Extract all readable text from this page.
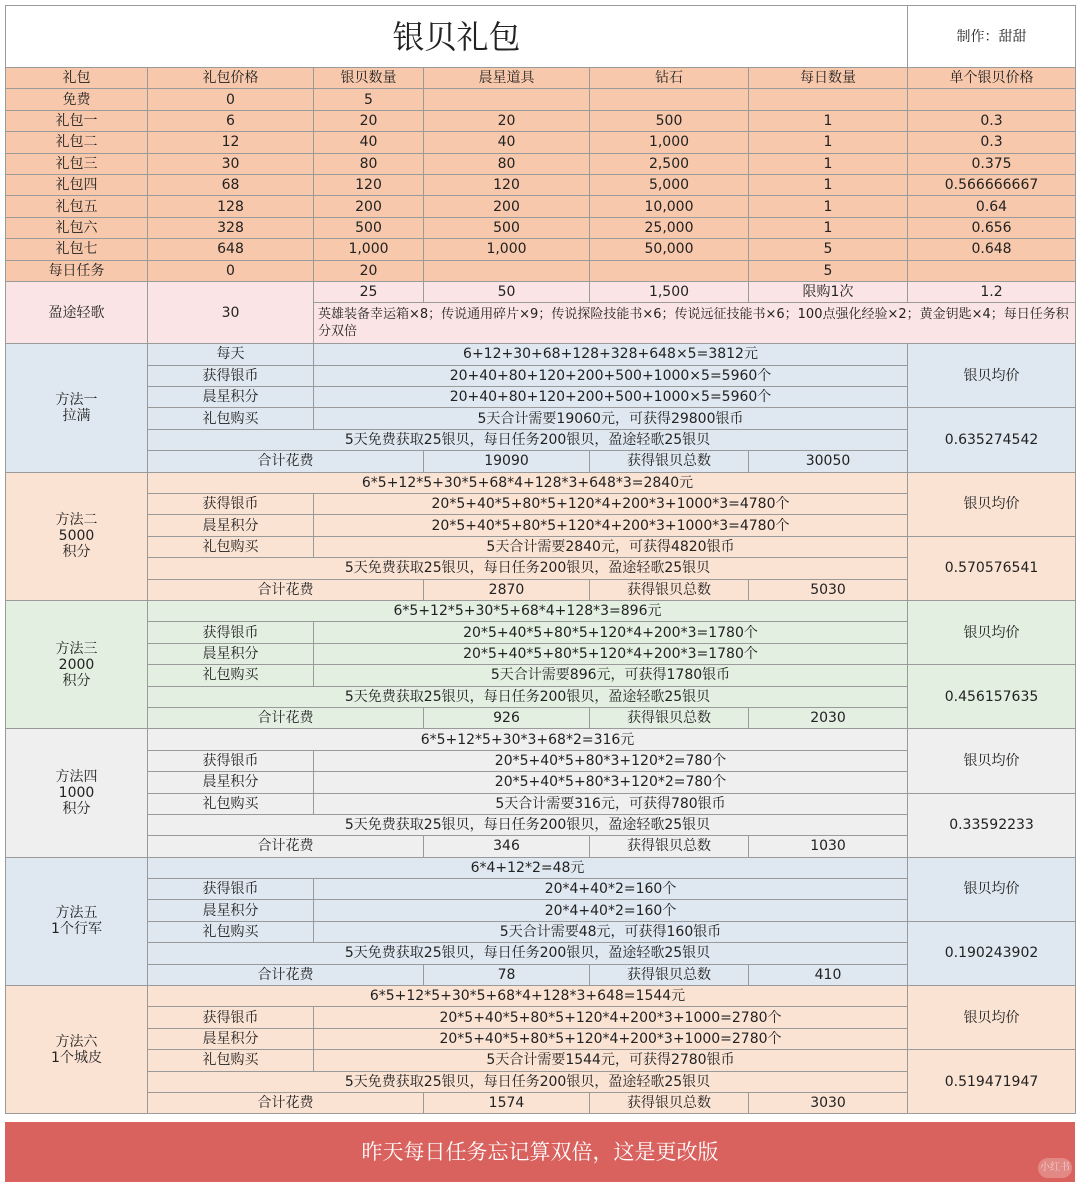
银贝礼包						制作：甜甜
礼包	礼包价格	银贝数量	晨星道具	钻石	每日数量	单个银贝价格
免费	0	5				
礼包一	6	20	20	500	1	0.3
礼包二	12	40	40	1,000	1	0.3
礼包三	30	80	80	2,500	1	0.375
礼包四	68	120	120	5,000	1	0.566666667
礼包五	128	200	200	10,000	1	0.64
礼包六	328	500	500	25,000	1	0.656
礼包七	648	1,000	1,000	50,000	5	0.648
每日任务	0	20			5	
盈途轻歌	30	25	50	1,500	限购1次	1.2
		英雄装备幸运箱×8；传说通用碎片×9；传说探险技能书×6；传说远征技能书×6；100点强化经验×2；黄金钥匙×4；每日任务积分双倍				
方法一
拉满	每天	6+12+30+68+128+328+648×5=3812元				银贝均价
	获得银币	20+40+80+120+200+500+1000×5=5960个				
	晨星积分	20+40+80+120+200+500+1000×5=5960个				
	礼包购买	5天合计需要19060元，可获得29800银币				0.635274542
	5天免费获取25银贝，每日任务200银贝，盈途轻歌25银贝					
	合计花费		19090	获得银贝总数	30050	
方法二
5000
积分	6*5+12*5+30*5+68*4+128*3+648*3=2840元					银贝均价
	获得银币	20*5+40*5+80*5+120*4+200*3+1000*3=4780个				
	晨星积分	20*5+40*5+80*5+120*4+200*3+1000*3=4780个				
	礼包购买	5天合计需要2840元，可获得4820银币				0.570576541
	5天免费获取25银贝，每日任务200银贝，盈途轻歌25银贝					
	合计花费		2870	获得银贝总数	5030	
方法三
2000
积分	6*5+12*5+30*5+68*4+128*3=896元					银贝均价
	获得银币	20*5+40*5+80*5+120*4+200*3=1780个				
	晨星积分	20*5+40*5+80*5+120*4+200*3=1780个				
	礼包购买	5天合计需要896元，可获得1780银币				0.456157635
	5天免费获取25银贝，每日任务200银贝，盈途轻歌25银贝					
	合计花费		926	获得银贝总数	2030	
方法四
1000
积分	6*5+12*5+30*3+68*2=316元					银贝均价
	获得银币	20*5+40*5+80*3+120*2=780个				
	晨星积分	20*5+40*5+80*3+120*2=780个				
	礼包购买	5天合计需要316元，可获得780银币				0.33592233
	5天免费获取25银贝，每日任务200银贝，盈途轻歌25银贝					
	合计花费		346	获得银贝总数	1030	
方法五
1个行军	6*4+12*2=48元					银贝均价
	获得银币	20*4+40*2=160个				
	晨星积分	20*4+40*2=160个				
	礼包购买	5天合计需要48元，可获得160银币				0.190243902
	5天免费获取25银贝，每日任务200银贝，盈途轻歌25银贝					
	合计花费		78	获得银贝总数	410	
方法六
1个城皮	6*5+12*5+30*5+68*4+128*3+648=1544元					银贝均价
	获得银币	20*5+40*5+80*5+120*4+200*3+1000=2780个				
	晨星积分	20*5+40*5+80*5+120*4+200*3+1000=2780个				
	礼包购买	5天合计需要1544元，可获得2780银币				0.519471947
	5天免费获取25银贝，每日任务200银贝，盈途轻歌25银贝					
	合计花费		1574	获得银贝总数	3030	
昨天每日任务忘记算双倍，这是更改版
小红书
